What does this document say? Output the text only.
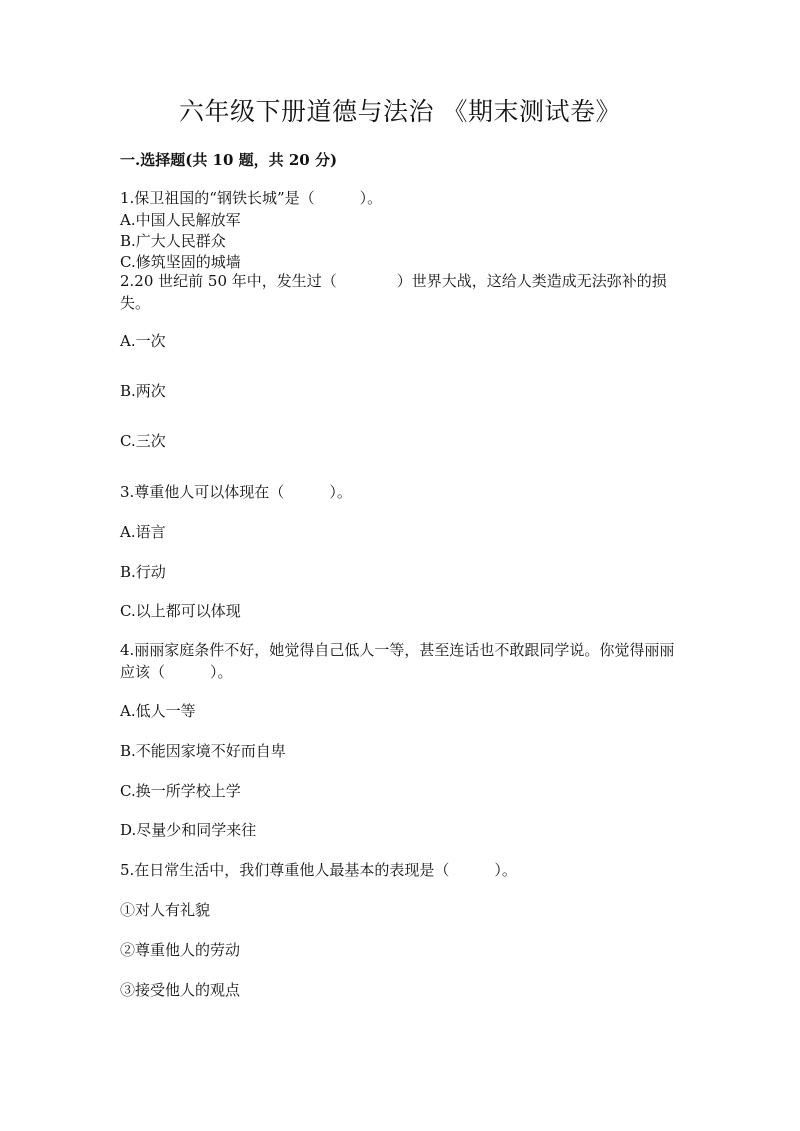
六年级下册道德与法治 《期末测试卷》
一.选择题(共 10 题，共 20 分)
1.保卫祖国的“钢铁长城”是（　　　）。
A.中国人民解放军
B.广大人民群众
C.修筑坚固的城墙
2.20 世纪前 50 年中，发生过（　　　　）世界大战，这给人类造成无法弥补的损失。
A.一次
B.两次
C.三次
3.尊重他人可以体现在（　　　）。
A.语言
B.行动
C.以上都可以体现
4.丽丽家庭条件不好，她觉得自己低人一等，甚至连话也不敢跟同学说。你觉得丽丽应该（　　　）。
A.低人一等
B.不能因家境不好而自卑
C.换一所学校上学
D.尽量少和同学来往
5.在日常生活中，我们尊重他人最基本的表现是（　　　）。
①对人有礼貌
②尊重他人的劳动
③接受他人的观点
